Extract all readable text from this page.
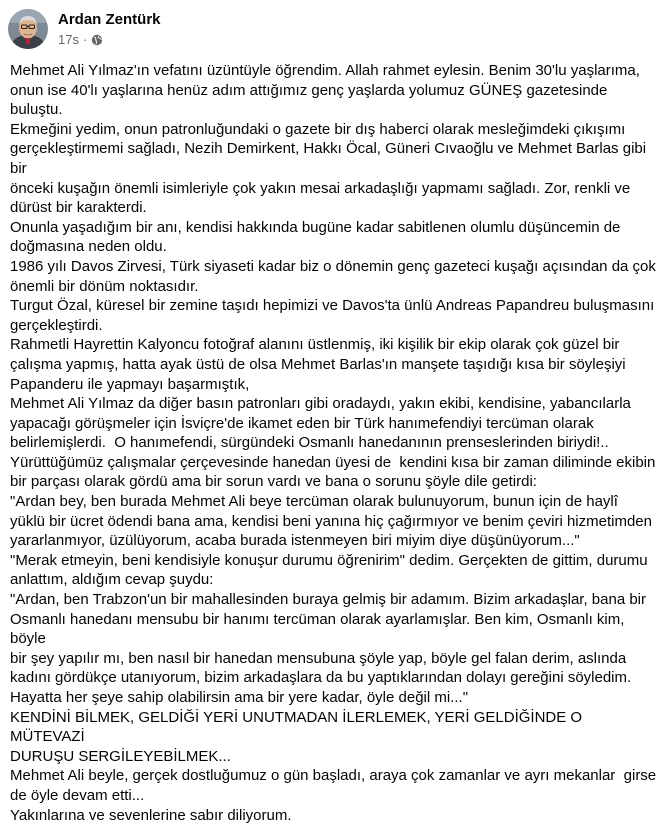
Ardan Zentürk
17s ·

Mehmet Ali Yılmaz'ın vefatını üzüntüyle öğrendim. Allah rahmet eylesin. Benim 30'lu yaşlarıma,
onun ise 40'lı yaşlarına henüz adım attığımız genç yaşlarda yolumuz GÜNEŞ gazetesinde buluştu.

Ekmeğini yedim, onun patronluğundaki o gazete bir dış haberci olarak mesleğimdeki çıkışımı
gerçekleştirmemi sağladı, Nezih Demirkent, Hakkı Öcal, Güneri Cıvaoğlu ve Mehmet Barlas gibi bir
önceki kuşağın önemli isimleriyle çok yakın mesai arkadaşlığı yapmamı sağladı. Zor, renkli ve
dürüst bir karakterdi.

Onunla yaşadığım bir anı, kendisi hakkında bugüne kadar sabitlenen olumlu düşüncemin de
doğmasına neden oldu.

1986 yılı Davos Zirvesi, Türk siyaseti kadar biz o dönemin genç gazeteci kuşağı açısından da çok
önemli bir dönüm noktasıdır.

Turgut Özal, küresel bir zemine taşıdı hepimizi ve Davos'ta ünlü Andreas Papandreu buluşmasını
gerçekleştirdi.

Rahmetli Hayrettin Kalyoncu fotoğraf alanını üstlenmiş, iki kişilik bir ekip olarak çok güzel bir
çalışma yapmış, hatta ayak üstü de olsa Mehmet Barlas'ın manşete taşıdığı kısa bir söyleşiyi
Papanderu ile yapmayı başarmıştık,

Mehmet Ali Yılmaz da diğer basın patronları gibi oradaydı, yakın ekibi, kendisine, yabancılarla
yapacağı görüşmeler için İsviçre'de ikamet eden bir Türk hanımefendiyi tercüman olarak
belirlemişlerdi.  O hanımefendi, sürgündeki Osmanlı hanedanının prenseslerinden biriydi!..

Yürüttüğümüz çalışmalar çerçevesinde hanedan üyesi de  kendini kısa bir zaman diliminde ekibin
bir parçası olarak gördü ama bir sorun vardı ve bana o sorunu şöyle dile getirdi:

"Ardan bey, ben burada Mehmet Ali beye tercüman olarak bulunuyorum, bunun için de haylî
yüklü bir ücret ödendi bana ama, kendisi beni yanına hiç çağırmıyor ve benim çeviri hizmetimden
yararlanmıyor, üzülüyorum, acaba burada istenmeyen biri miyim diye düşünüyorum..."

"Merak etmeyin, beni kendisiyle konuşur durumu öğrenirim" dedim. Gerçekten de gittim, durumu
anlattım, aldığım cevap şuydu:

"Ardan, ben Trabzon'un bir mahallesinden buraya gelmiş bir adamım. Bizim arkadaşlar, bana bir
Osmanlı hanedanı mensubu bir hanımı tercüman olarak ayarlamışlar. Ben kim, Osmanlı kim, böyle
bir şey yapılır mı, ben nasıl bir hanedan mensubuna şöyle yap, böyle gel falan derim, aslında
kadını gördükçe utanıyorum, bizim arkadaşlara da bu yaptıklarından dolayı gereğini söyledim.
Hayatta her şeye sahip olabilirsin ama bir yere kadar, öyle değil mi..."

KENDİNİ BİLMEK, GELDİĞİ YERİ UNUTMADAN İLERLEMEK, YERİ GELDİĞİNDE O MÜTEVAZİ
DURUŞU SERGİLEYEBİLMEK...

Mehmet Ali beyle, gerçek dostluğumuz o gün başladı, araya çok zamanlar ve ayrı mekanlar  girse
de öyle devam etti...

Yakınlarına ve sevenlerine sabır diliyorum.
